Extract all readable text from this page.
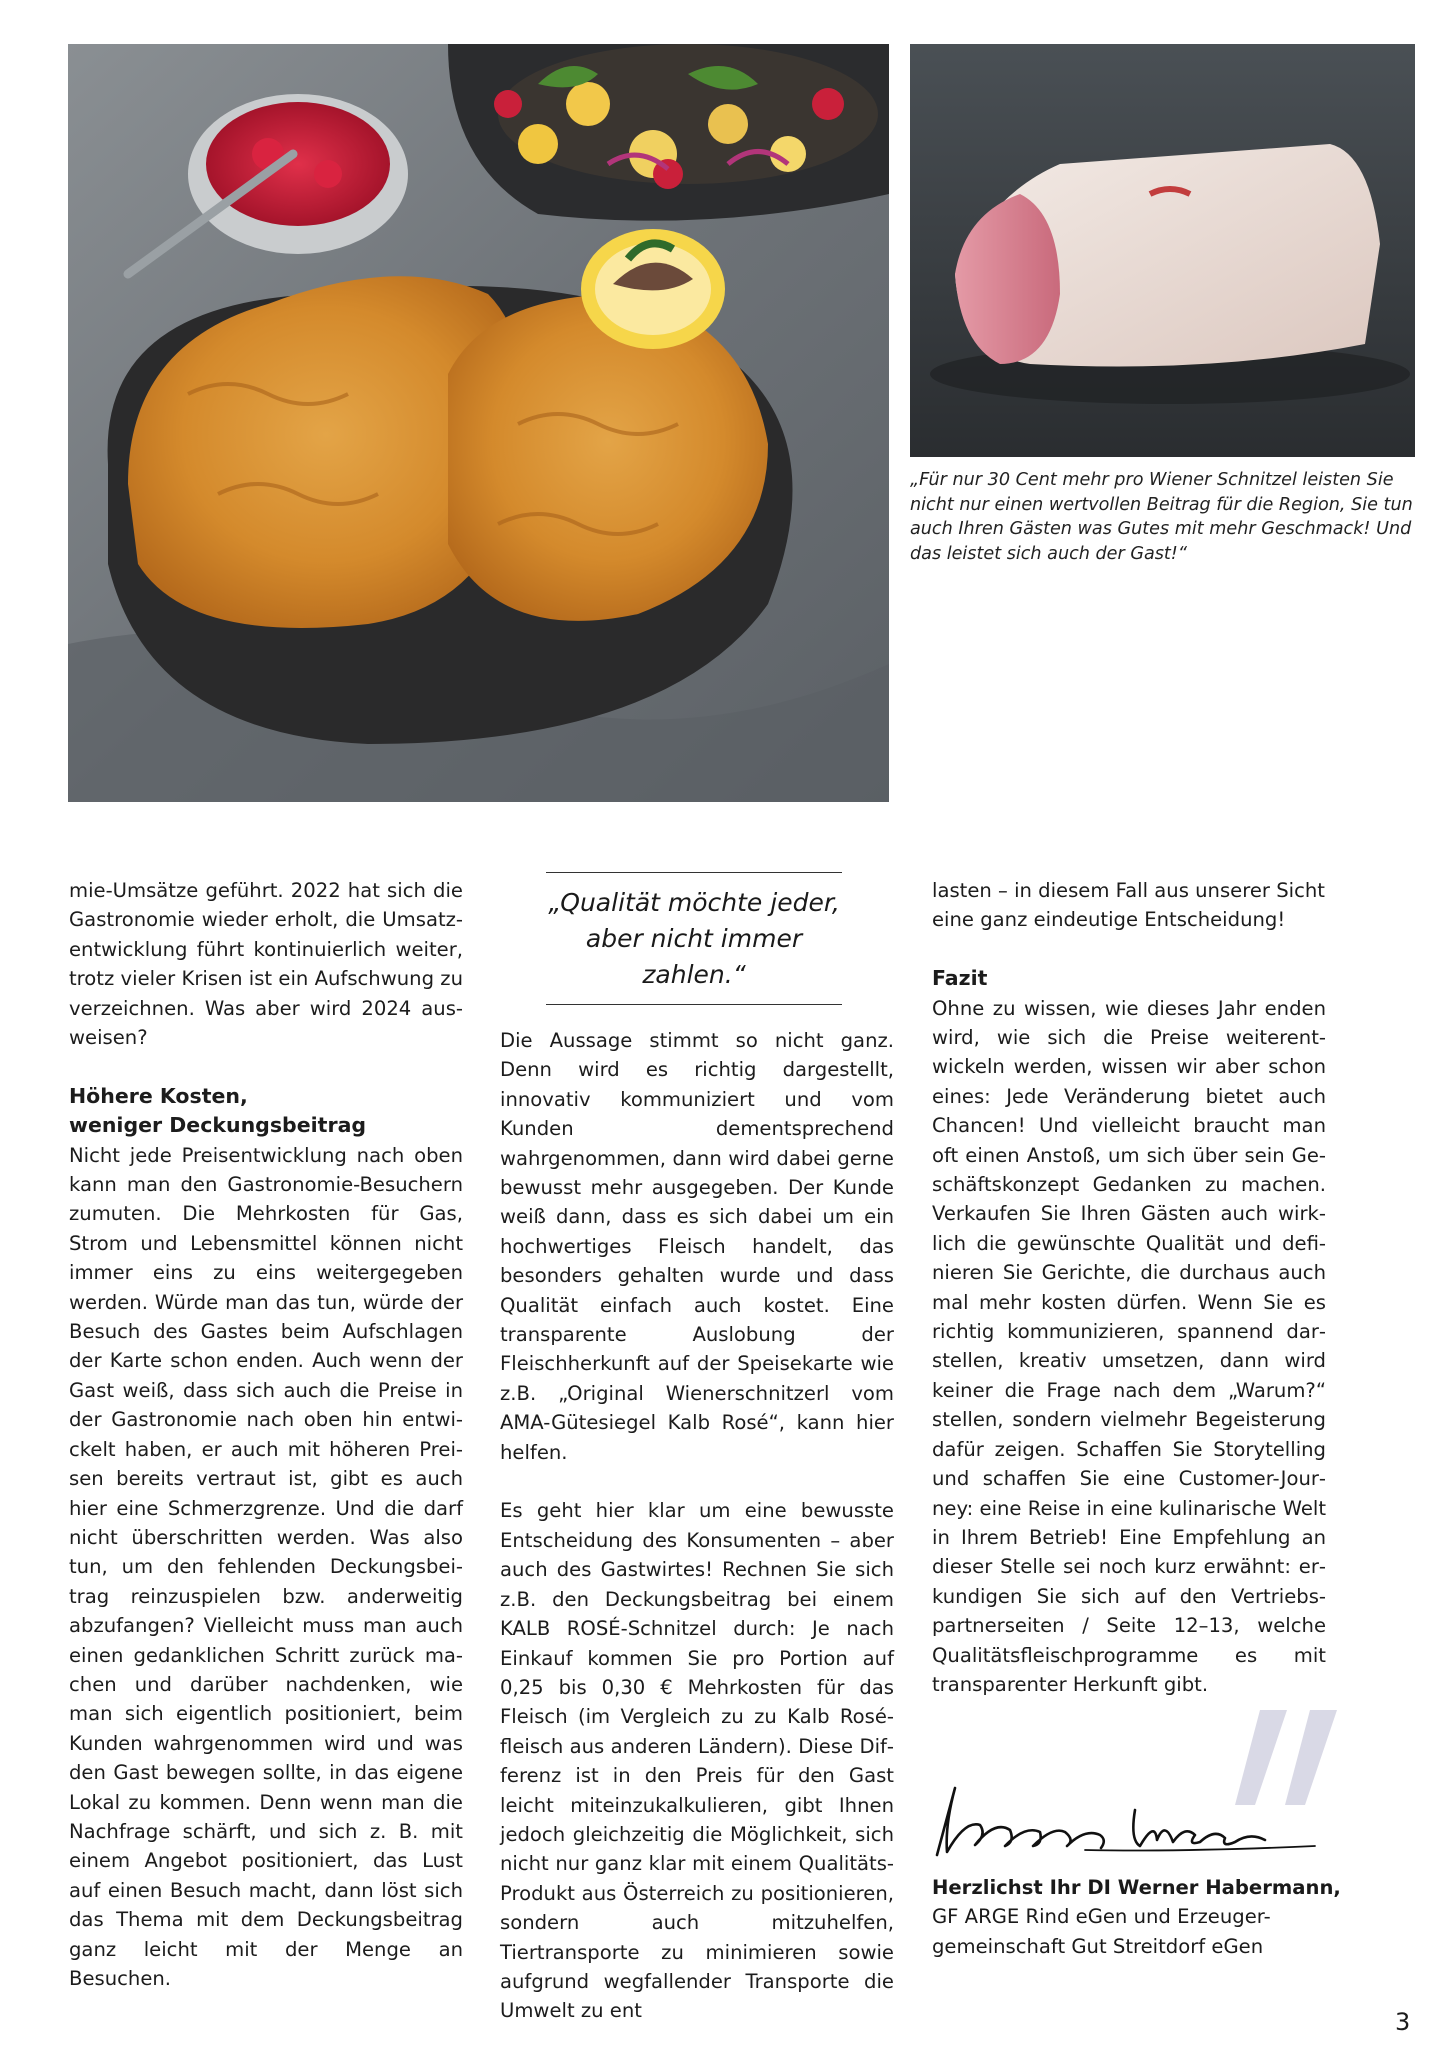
„Für nur 30 Cent mehr pro Wiener Schnitzel leisten Sie nicht nur einen wertvollen Beitrag für die Region, Sie tun auch Ihren Gästen was Gutes mit mehr Geschmack! Und das leistet sich auch der Gast!“

mie-Umsätze geführt. 2022 hat sich die Gastronomie wieder erholt, die Umsatzentwicklung führt kontinuierlich weiter, trotz vieler Krisen ist ein Aufschwung zu verzeichnen. Was aber wird 2024 ausweisen?

Höhere Kosten,
weniger Deckungsbeitrag

Nicht jede Preisentwicklung nach oben kann man den Gastronomie-Besuchern zumuten. Die Mehrkosten für Gas, Strom und Lebensmittel können nicht immer eins zu eins weitergegeben werden. Würde man das tun, würde der Besuch des Gastes beim Aufschlagen der Karte schon enden. Auch wenn der Gast weiß, dass sich auch die Preise in der Gastronomie nach oben hin entwickelt haben, er auch mit höheren Preisen bereits vertraut ist, gibt es auch hier eine Schmerzgrenze. Und die darf nicht überschritten werden. Was also tun, um den fehlenden Deckungsbeitrag reinzuspielen bzw. anderweitig abzufangen? Vielleicht muss man auch einen gedanklichen Schritt zurück machen und darüber nachdenken, wie man sich eigentlich positioniert, beim Kunden wahrgenommen wird und was den Gast bewegen sollte, in das eigene Lokal zu kommen. Denn wenn man die Nachfrage schärft, und sich z. B. mit einem Angebot positioniert, das Lust auf einen Besuch macht, dann löst sich das Thema mit dem Deckungsbeitrag ganz leicht mit der Menge an Besuchen.

„Qualität möchte jeder,
aber nicht immer zahlen.“

Die Aussage stimmt so nicht ganz. Denn wird es richtig dargestellt, innovativ kommuniziert und vom Kunden dementsprechend wahrgenommen, dann wird dabei gerne bewusst mehr ausgegeben. Der Kunde weiß dann, dass es sich dabei um ein hochwertiges Fleisch handelt, das besonders gehalten wurde und dass Qualität einfach auch kostet. Eine transparente Auslobung der Fleischherkunft auf der Speisekarte wie z.B. „Original Wienerschnitzerl vom AMA-Gütesiegel Kalb Rosé“, kann hier helfen.

Es geht hier klar um eine bewusste Entscheidung des Konsumenten – aber auch des Gastwirtes! Rechnen Sie sich z.B. den Deckungsbeitrag bei einem KALB ROSÉ-Schnitzel durch: Je nach Einkauf kommen Sie pro Portion auf 0,25 bis 0,30 € Mehrkosten für das Fleisch (im Vergleich zu zu Kalb Roséfleisch aus anderen Ländern). Diese Differenz ist in den Preis für den Gast leicht miteinzukalkulieren, gibt Ihnen jedoch gleichzeitig die Möglichkeit, sich nicht nur ganz klar mit einem Qualitäts-Produkt aus Österreich zu positionieren, sondern auch mitzuhelfen, Tiertransporte zu minimieren sowie aufgrund wegfallender Transporte die Umwelt zu ent

lasten – in diesem Fall aus unserer Sicht eine ganz eindeutige Entscheidung!

Fazit

Ohne zu wissen, wie dieses Jahr enden wird, wie sich die Preise weiterentwickeln werden, wissen wir aber schon eines: Jede Veränderung bietet auch Chancen! Und vielleicht braucht man oft einen Anstoß, um sich über sein Geschäftskonzept Gedanken zu machen. Verkaufen Sie Ihren Gästen auch wirklich die gewünschte Qualität und definieren Sie Gerichte, die durchaus auch mal mehr kosten dürfen. Wenn Sie es richtig kommunizieren, spannend darstellen, kreativ umsetzen, dann wird keiner die Frage nach dem „Warum?“ stellen, sondern vielmehr Begeisterung dafür zeigen. Schaffen Sie Storytelling und schaffen Sie eine Customer-Journey: eine Reise in eine kulinarische Welt in Ihrem Betrieb! Eine Empfehlung an dieser Stelle sei noch kurz erwähnt: erkundigen Sie sich auf den Vertriebspartnerseiten / Seite 12–13, welche Qualitätsfleischprogramme es mit transparenter Herkunft gibt.

Herzlichst Ihr DI Werner Habermann,
GF ARGE Rind eGen und Erzeuger-
gemeinschaft Gut Streitdorf eGen
3
